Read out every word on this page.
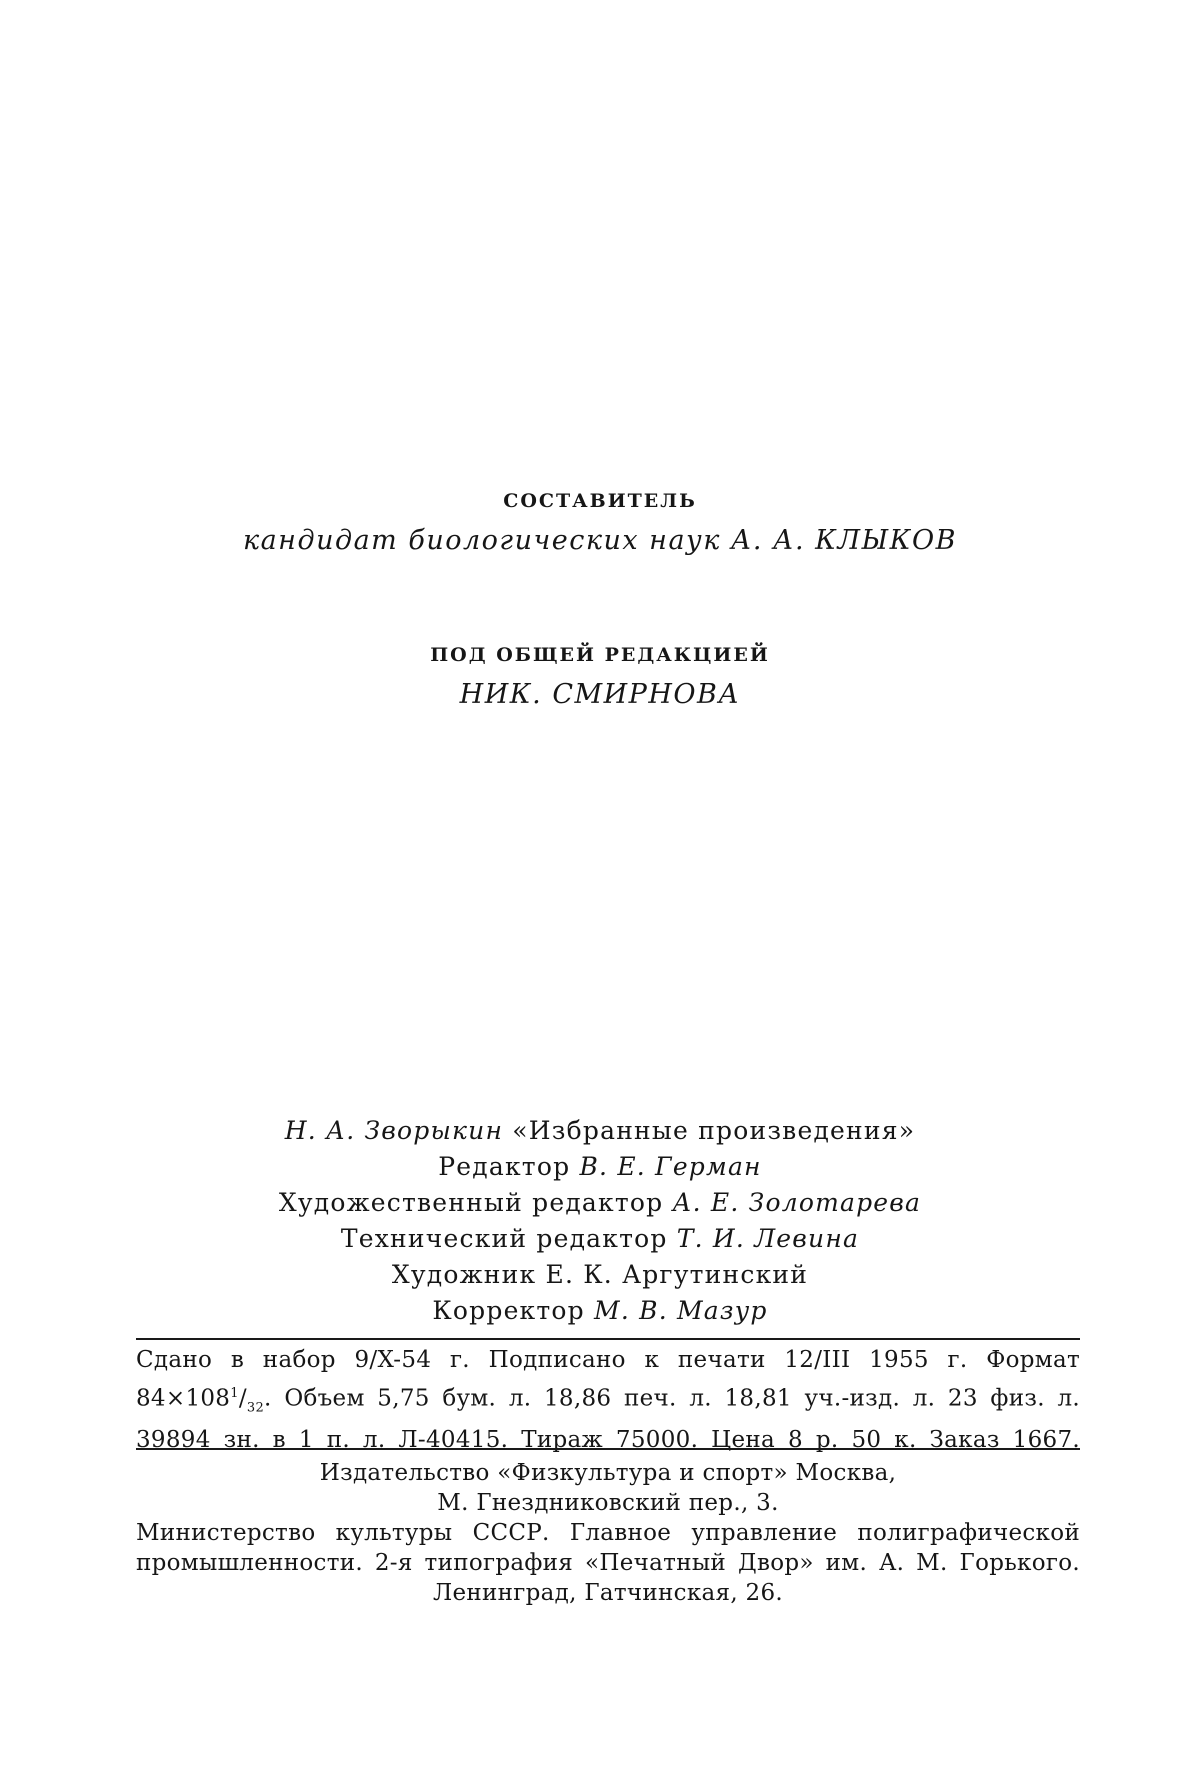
СОСТАВИТЕЛЬ
кандидат биологических наук А. А. КЛЫКОВ
ПОД ОБЩЕЙ РЕДАКЦИЕЙ
НИК. СМИРНОВА
Н. А. Зворыкин «Избранные произведения»
Редактор В. Е. Герман
Художественный редактор А. Е. Золотарева
Технический редактор Т. И. Левина
Художник Е. К. Аргутинский
Корректор М. В. Мазур
Сдано в набор 9/X-54 г. Подписано к печати 12/III 1955 г. Формат
$84\times 108^1/_{32}$. Объем 5,75 бум. л. 18,86 печ. л. 18,81 уч.-изд. л. 23 физ. л.
39894 зн. в 1 п. л. Л-40415. Тираж 75000. Цена 8 р. 50 к. Заказ 1667.
Издательство «Физкультура и спорт» Москва,
М. Гнездниковский пер., 3.
Министерство культуры СССР. Главное управление полиграфической
промышленности. 2-я типография «Печатный Двор» им. А. М. Горького.
Ленинград, Гатчинская, 26.
